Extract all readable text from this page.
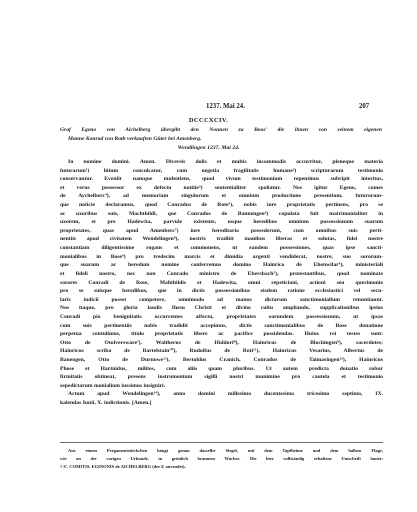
1237. Mai 24.	207
DCCCXCIV.
Graf Egeno von Aichelberg übergibt den Nonnen zu Boos' die ihnen von seinem eigenen
Manne Konrad von Roth verkauften Güter bei Amenberg.
Wendlingen 1237. Mai 24.
In nomine domini. Amen. Diversis dolis et multis incommodis occurritur, pleneque materia
futurarum¹) litium conculcatur, cum negotia fragilitatis humane²) scripturarum testimonio
conservantur. Eveniit namque multotiens, quod vivum testimonium repentinus subripit interitus,
et verus possessor ex defectu notitie³) sententialiter spoliatur. Nos igitur Egeno, comes
de Aychelberc⁴), ad memoriam singulorum et omnium productione presentium, futurorum-
que noticie declaramus, quod Conradus de Rote⁵), nobis iure proprietatis pertinens, pro se
ac uxoribus suis, Machthildi, que Conradus de Bannengen⁶) copulata fuit matrimonialiter in
uxorem, et pro Hadewita, parvule existente, usque heredibus omnium possessionum suarum
proprietates, quas apud Amenberc⁷) iure hereditario possederunt, cum omnibus suis perti-
nentiis apud civitatem Wendelingen⁸), nostris traditit manibus liberas et solutas, fidei nostre
constantiam diligentissime rogans et commonens, ut eandem possessiones, quas ipse sancti-
monialibus in Bose⁹) pro tredecim marcis et dimidia argenti vendiderat, nostre, suo sororum-
que suarum ac heredum nomine conferremus domino Hainrico de Ehenwilar⁴), ministeriali
et fideli nostro, nec non Conrado ministro de Ebersbach⁵), protestantibus, quod nominate
sorores Conradi de Rote, Mahthildis et Hadewita, omni repeticioni, actioni seu querimonie
pro se suisque heredibus, que in dictis possessionibus eisdem ratione ecclesiastici vel secu-
laris iudicii posset competere, omnimodo ad manus dictarum sanctimonialium renuntiaunt.
Nos itaque, pro gloria laudis Ihesu Christi et divino cultu ampliando, supplicationibus ipsius
Conradi pio benignitatis occurrentes affectu, proprietates earundem possessionum, ut ipsas
cum suis pertinentiis nobis tradidit accepimus, dictis sanctimonialibus de Bose donatione
perpetua contulimus, titulo proprietatis libere ac pacifice possidendas. Huius rei testes sunt:
Otto de Otolversware⁷), Waltherus de Hiddorf⁸), Hainricus de Blochingen⁹), sacerdotes;
Hainricus scriba de Bartelstain¹⁰), Rudolfus de Roti¹¹), Hainricus Vesarius, Albertus de
Banengen, Otto de Durnowe¹²), Bertoldus Cranich, Conradus de Taimasingen¹³), Hainricus
Phose et Hartnidus, milites, cum aliis quam pluribus. Ut autem predicta donatio robur
firmitatis obtineat, presens instrumentum sigilli nostri munimine pro cautela et testimonio
sepedictarum monialium iussimus insigniri.
Actum apud Wendelingen¹⁴), anno domini millesimo ducentesimo tricesimo septimo, IX.
kalendas Iunii, X. indictionis. [Amen.]
Aus einem Pergamentstückchen hängt genau dasselbe Siegel, mit dem Tapfheime und dem halben Flage,
wie an der vorigen Urkunde, in grünlich braunem Wachse. Die hier vollständig erhaltene Umschrift lautet:
† S'. COMITIS. EGINONIS de AICHELBERG (der E anvendet).
